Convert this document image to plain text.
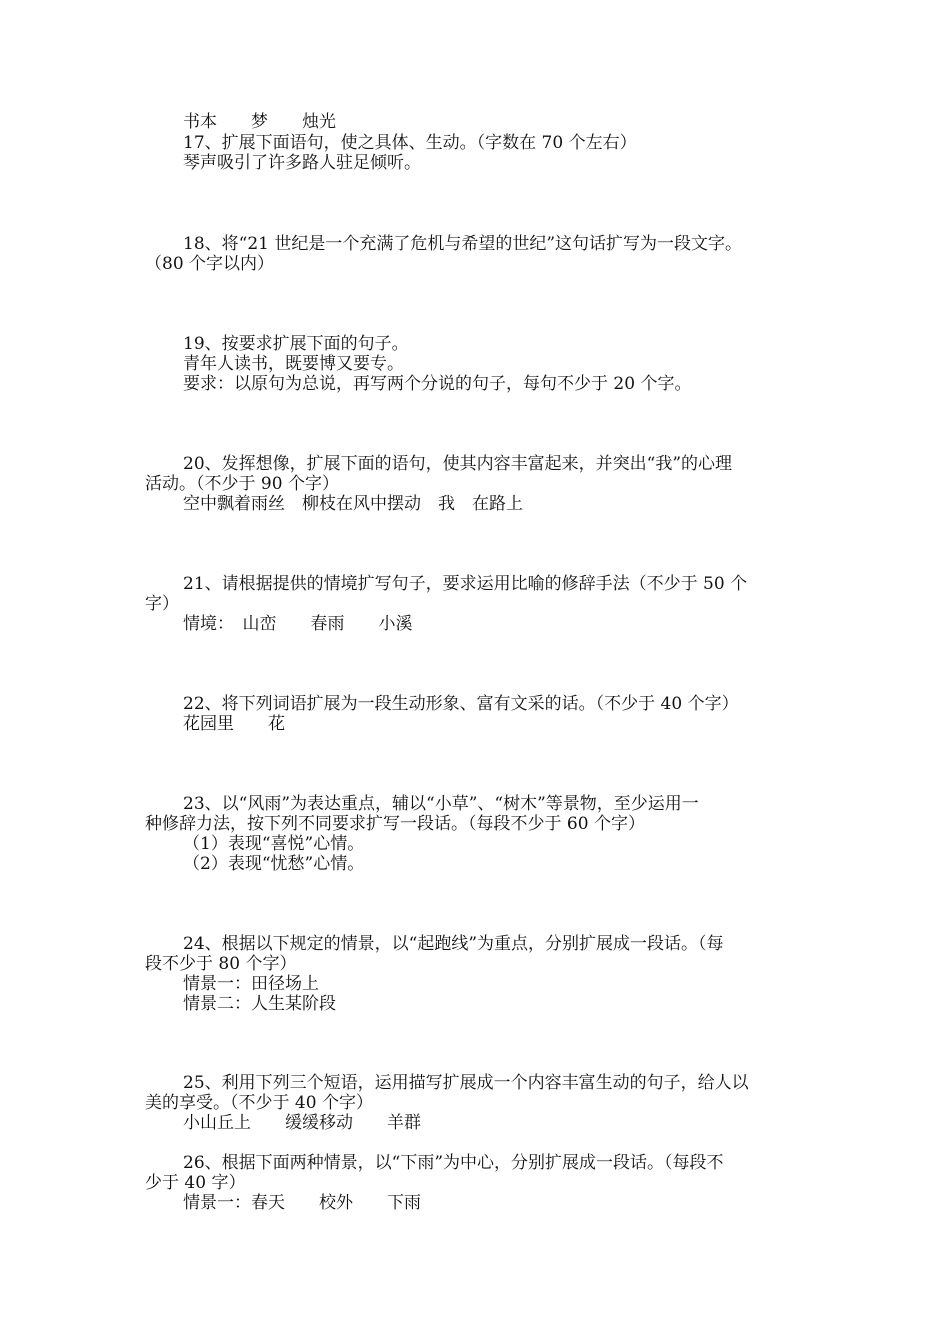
书本　　梦　　烛光
17、扩展下面语句，使之具体、生动。（字数在 70 个左右）
琴声吸引了许多路人驻足倾听。
18、将“21 世纪是一个充满了危机与希望的世纪”这句话扩写为一段文字。
（80 个字以内）
19、按要求扩展下面的句子。
青年人读书，既要博又要专。
要求：以原句为总说，再写两个分说的句子，每句不少于 20 个字。
20、发挥想像，扩展下面的语句，使其内容丰富起来，并突出“我”的心理
活动。（不少于 90 个字）
空中飘着雨丝　柳枝在风中摆动　我　在路上
21、请根据提供的情境扩写句子，要求运用比喻的修辞手法（不少于 50 个
字）
情境：　山峦　　春雨　　小溪
22、将下列词语扩展为一段生动形象、富有文采的话。（不少于 40 个字）
花园里　　花
23、以“风雨”为表达重点，辅以“小草”、“树木”等景物，至少运用一
种修辞力法，按下列不同要求扩写一段话。（每段不少于 60 个字）
（1）表现“喜悦”心情。
（2）表现“忧愁”心情。
24、根据以下规定的情景，以“起跑线”为重点，分别扩展成一段话。（每
段不少于 80 个字）
情景一：田径场上
情景二：人生某阶段
25、利用下列三个短语，运用描写扩展成一个内容丰富生动的句子，给人以
美的享受。（不少于 40 个字）
小山丘上　　缓缓移动　　羊群
26、根据下面两种情景，以“下雨”为中心，分别扩展成一段话。（每段不
少于 40 字）
情景一：春天　　校外　　下雨
